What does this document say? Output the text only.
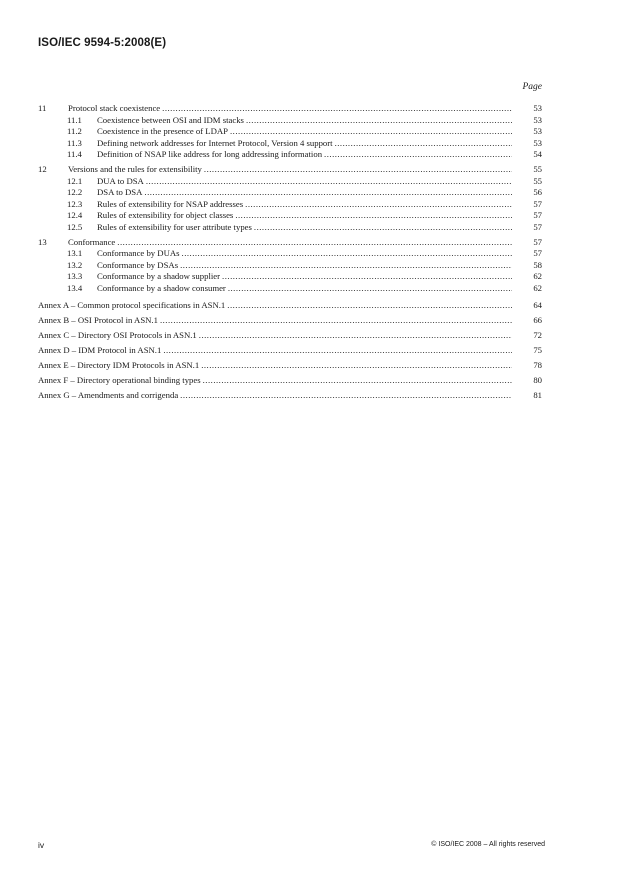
ISO/IEC 9594-5:2008(E)
Page
11	Protocol stack coexistence .....	53
11.1	Coexistence between OSI and IDM stacks .....	53
11.2	Coexistence in the presence of LDAP .....	53
11.3	Defining network addresses for Internet Protocol, Version 4 support .....	53
11.4	Definition of NSAP like address for long addressing information .....	54
12	Versions and the rules for extensibility .....	55
12.1	DUA to DSA .....	55
12.2	DSA to DSA .....	56
12.3	Rules of extensibility for NSAP addresses .....	57
12.4	Rules of extensibility for object classes .....	57
12.5	Rules of extensibility for user attribute types .....	57
13	Conformance .....	57
13.1	Conformance by DUAs .....	57
13.2	Conformance by DSAs .....	58
13.3	Conformance by a shadow supplier .....	62
13.4	Conformance by a shadow consumer .....	62
Annex A – Common protocol specifications in ASN.1 .....	64
Annex B – OSI Protocol in ASN.1 .....	66
Annex C – Directory OSI Protocols in ASN.1 .....	72
Annex D – IDM Protocol in ASN.1 .....	75
Annex E – Directory IDM Protocols in ASN.1 .....	78
Annex F – Directory operational binding types .....	80
Annex G – Amendments and corrigenda .....	81
iv	© ISO/IEC 2008 – All rights reserved
